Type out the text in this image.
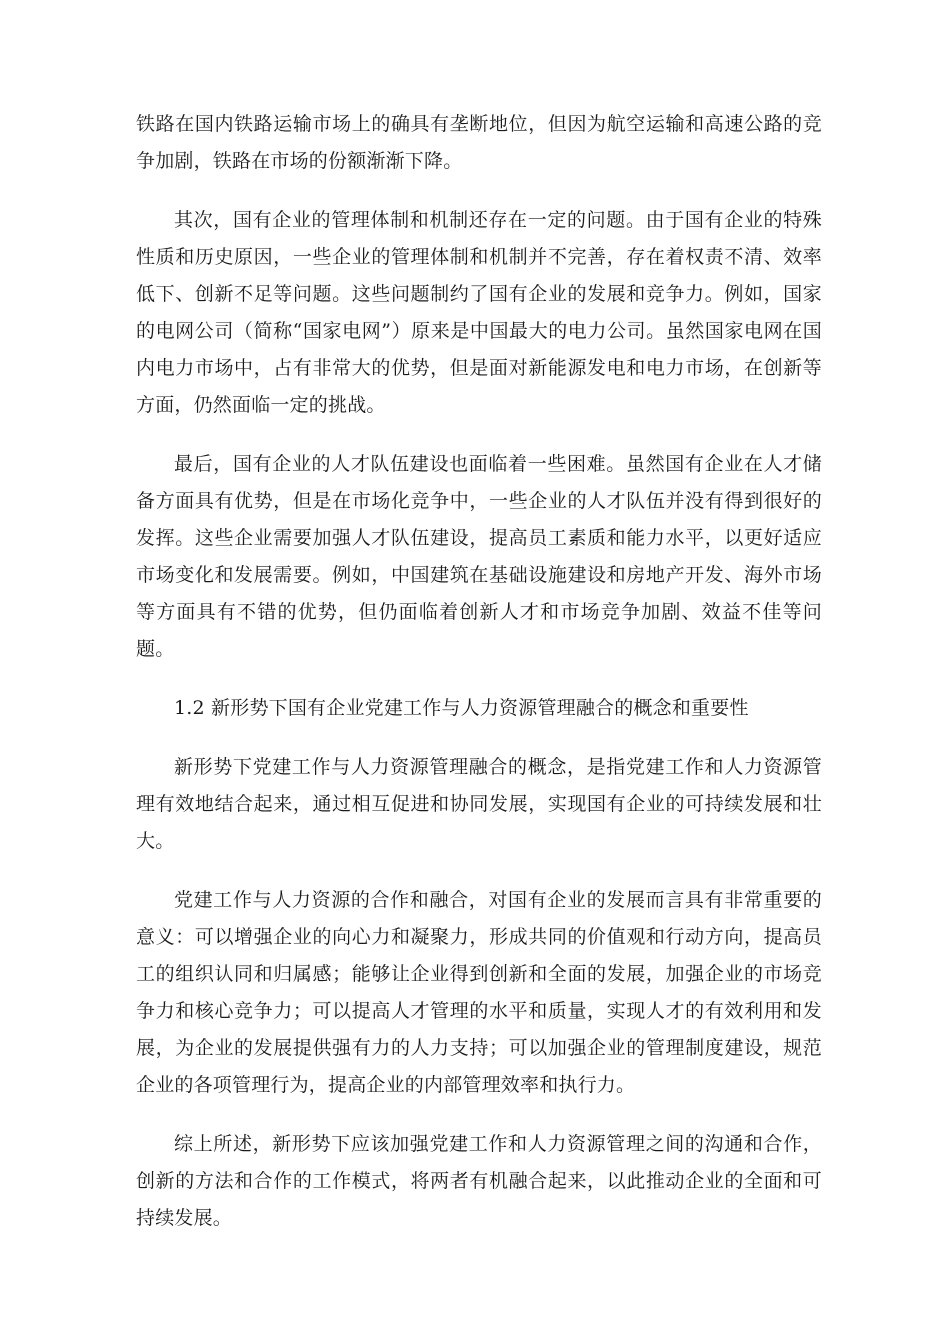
铁路在国内铁路运输市场上的确具有垄断地位，但因为航空运输和高速公路的竞争加剧，铁路在市场的份额渐渐下降。

其次，国有企业的管理体制和机制还存在一定的问题。由于国有企业的特殊性质和历史原因，一些企业的管理体制和机制并不完善，存在着权责不清、效率低下、创新不足等问题。这些问题制约了国有企业的发展和竞争力。例如，国家的电网公司（简称“国家电网”）原来是中国最大的电力公司。虽然国家电网在国内电力市场中，占有非常大的优势，但是面对新能源发电和电力市场，在创新等方面，仍然面临一定的挑战。

最后，国有企业的人才队伍建设也面临着一些困难。虽然国有企业在人才储备方面具有优势，但是在市场化竞争中，一些企业的人才队伍并没有得到很好的发挥。这些企业需要加强人才队伍建设，提高员工素质和能力水平，以更好适应市场变化和发展需要。例如，中国建筑在基础设施建设和房地产开发、海外市场等方面具有不错的优势，但仍面临着创新人才和市场竞争加剧、效益不佳等问题。

1.2 新形势下国有企业党建工作与人力资源管理融合的概念和重要性

新形势下党建工作与人力资源管理融合的概念，是指党建工作和人力资源管理有效地结合起来，通过相互促进和协同发展，实现国有企业的可持续发展和壮大。

党建工作与人力资源的合作和融合，对国有企业的发展而言具有非常重要的意义：可以增强企业的向心力和凝聚力，形成共同的价值观和行动方向，提高员工的组织认同和归属感；能够让企业得到创新和全面的发展，加强企业的市场竞争力和核心竞争力；可以提高人才管理的水平和质量，实现人才的有效利用和发展，为企业的发展提供强有力的人力支持；可以加强企业的管理制度建设，规范企业的各项管理行为，提高企业的内部管理效率和执行力。

综上所述，新形势下应该加强党建工作和人力资源管理之间的沟通和合作，创新的方法和合作的工作模式，将两者有机融合起来，以此推动企业的全面和可持续发展。
